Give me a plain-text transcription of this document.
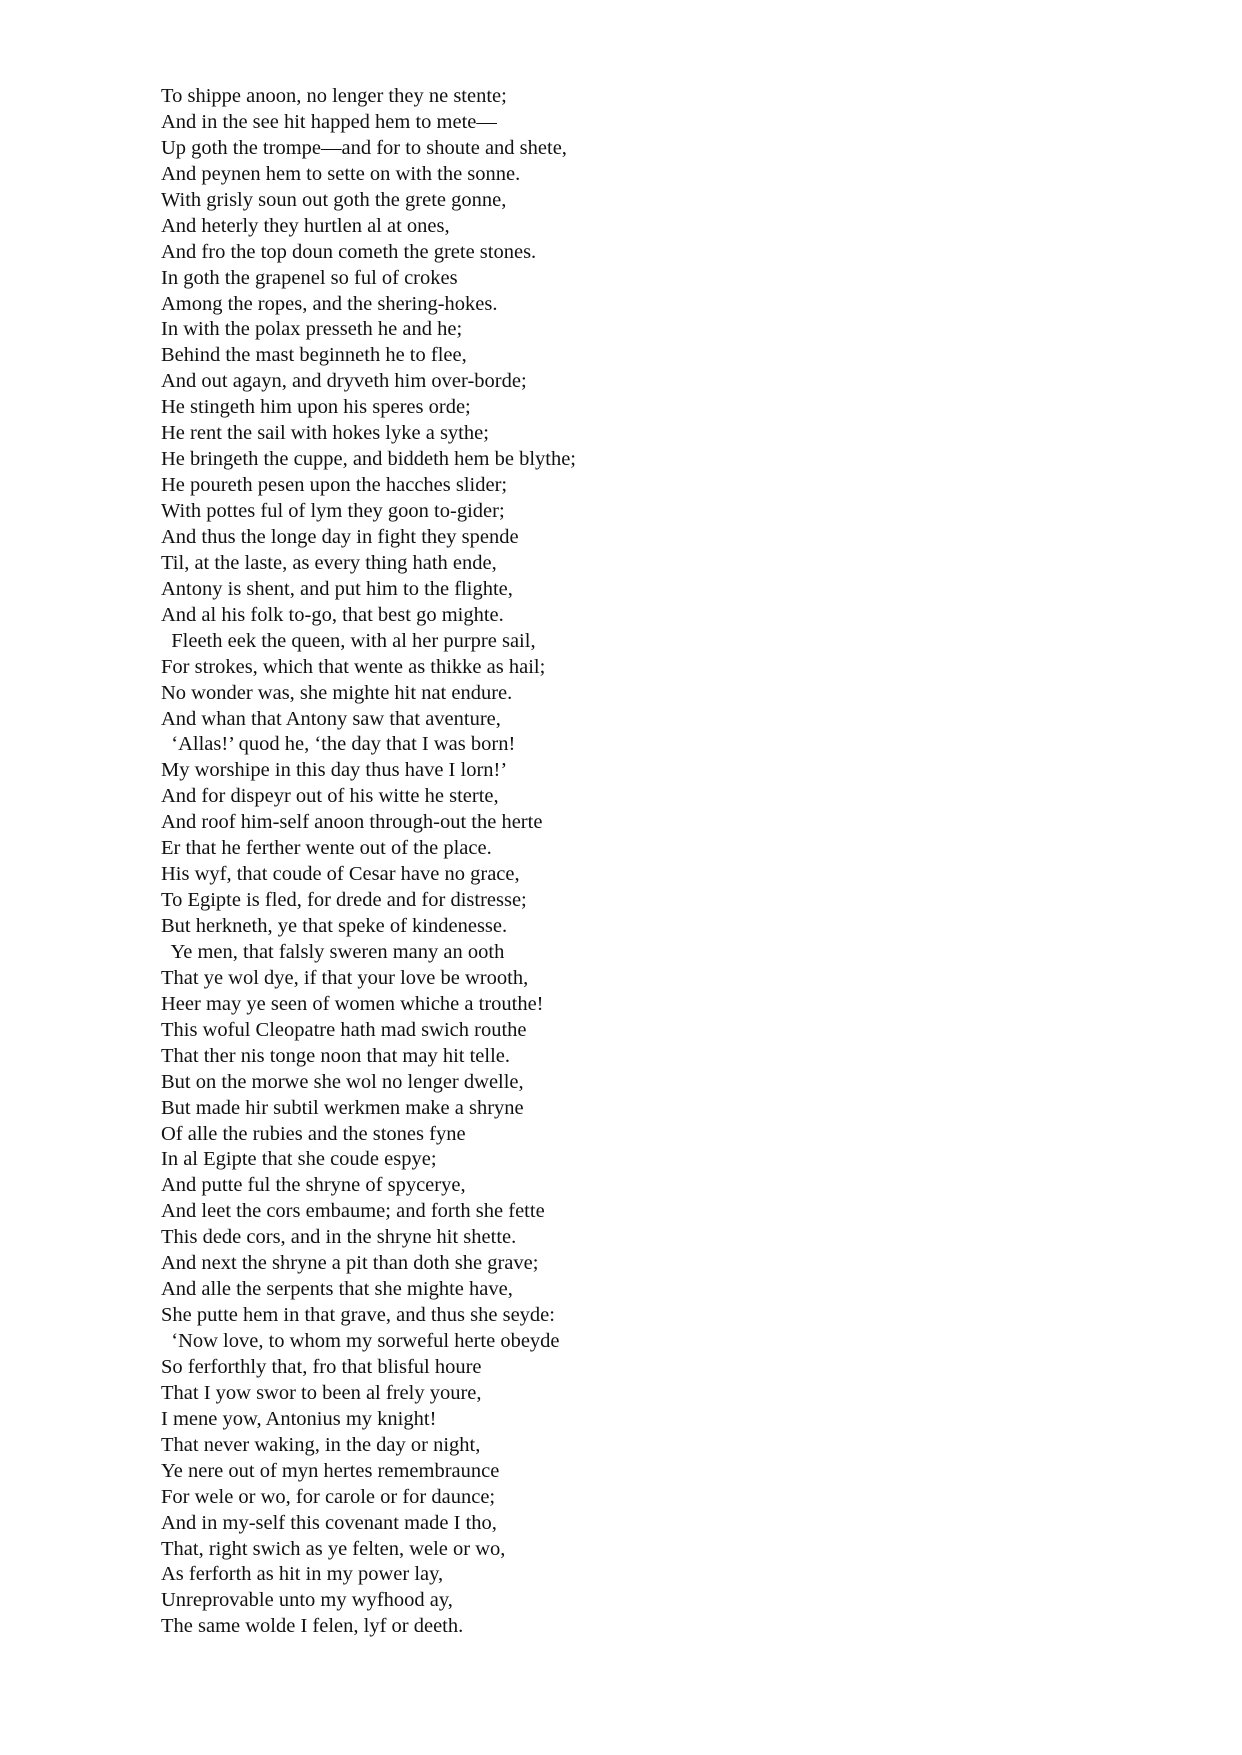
To shippe anoon, no lenger they ne stente;
And in the see hit happed hem to mete—
Up goth the trompe—and for to shoute and shete,
And peynen hem to sette on with the sonne.
With grisly soun out goth the grete gonne,
And heterly they hurtlen al at ones,
And fro the top doun cometh the grete stones.
In goth the grapenel so ful of crokes
Among the ropes, and the shering-hokes.
In with the polax presseth he and he;
Behind the mast beginneth he to flee,
And out agayn, and dryveth him over-borde;
He stingeth him upon his speres orde;
He rent the sail with hokes lyke a sythe;
He bringeth the cuppe, and biddeth hem be blythe;
He poureth pesen upon the hacches slider;
With pottes ful of lym they goon to-gider;
And thus the longe day in fight they spende
Til, at the laste, as every thing hath ende,
Antony is shent, and put him to the flighte,
And al his folk to-go, that best go mighte.
Fleeth eek the queen, with al her purpre sail,
For strokes, which that wente as thikke as hail;
No wonder was, she mighte hit nat endure.
And whan that Antony saw that aventure,
‘Allas!’ quod he, ‘the day that I was born!
My worshipe in this day thus have I lorn!’
And for dispeyr out of his witte he sterte,
And roof him-self anoon through-out the herte
Er that he ferther wente out of the place.
His wyf, that coude of Cesar have no grace,
To Egipte is fled, for drede and for distresse;
But herkneth, ye that speke of kindenesse.
Ye men, that falsly sweren many an ooth
That ye wol dye, if that your love be wrooth,
Heer may ye seen of women whiche a trouthe!
This woful Cleopatre hath mad swich routhe
That ther nis tonge noon that may hit telle.
But on the morwe she wol no lenger dwelle,
But made hir subtil werkmen make a shryne
Of alle the rubies and the stones fyne
In al Egipte that she coude espye;
And putte ful the shryne of spycerye,
And leet the cors embaume; and forth she fette
This dede cors, and in the shryne hit shette.
And next the shryne a pit than doth she grave;
And alle the serpents that she mighte have,
She putte hem in that grave, and thus she seyde:
‘Now love, to whom my sorweful herte obeyde
So ferforthly that, fro that blisful houre
That I yow swor to been al frely youre,
I mene yow, Antonius my knight!
That never waking, in the day or night,
Ye nere out of myn hertes remembraunce
For wele or wo, for carole or for daunce;
And in my-self this covenant made I tho,
That, right swich as ye felten, wele or wo,
As ferforth as hit in my power lay,
Unreprovable unto my wyfhood ay,
The same wolde I felen, lyf or deeth.
